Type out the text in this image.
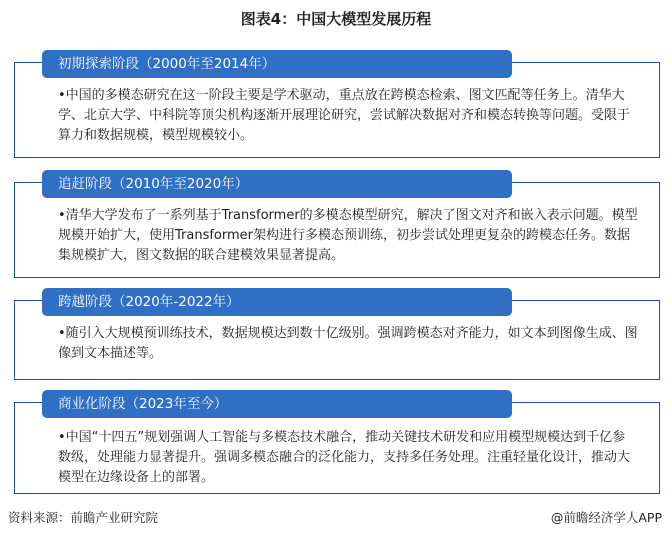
图表4：中国大模型发展历程
初期探索阶段（2000年至2014年）
•中国的多模态研究在这一阶段主要是学术驱动，重点放在跨模态检索、图文匹配等任务上。清华大学、北京大学、中科院等顶尖机构逐渐开展理论研究，尝试解决数据对齐和模态转换等问题。受限于算力和数据规模，模型规模较小。
追赶阶段（2010年至2020年）
•清华大学发布了一系列基于Transformer的多模态模型研究，解决了图文对齐和嵌入表示问题。模型规模开始扩大，使用Transformer架构进行多模态预训练，初步尝试处理更复杂的跨模态任务。数据集规模扩大，图文数据的联合建模效果显著提高。
跨越阶段（2020年-2022年）
•随引入大规模预训练技术，数据规模达到数十亿级别。强调跨模态对齐能力，如文本到图像生成、图像到文本描述等。
商业化阶段（2023年至今）
•中国“十四五”规划强调人工智能与多模态技术融合，推动关键技术研发和应用模型规模达到千亿参数级，处理能力显著提升。强调多模态融合的泛化能力，支持多任务处理。注重轻量化设计，推动大模型在边缘设备上的部署。
资料来源：前瞻产业研究院	@前瞻经济学人APP
